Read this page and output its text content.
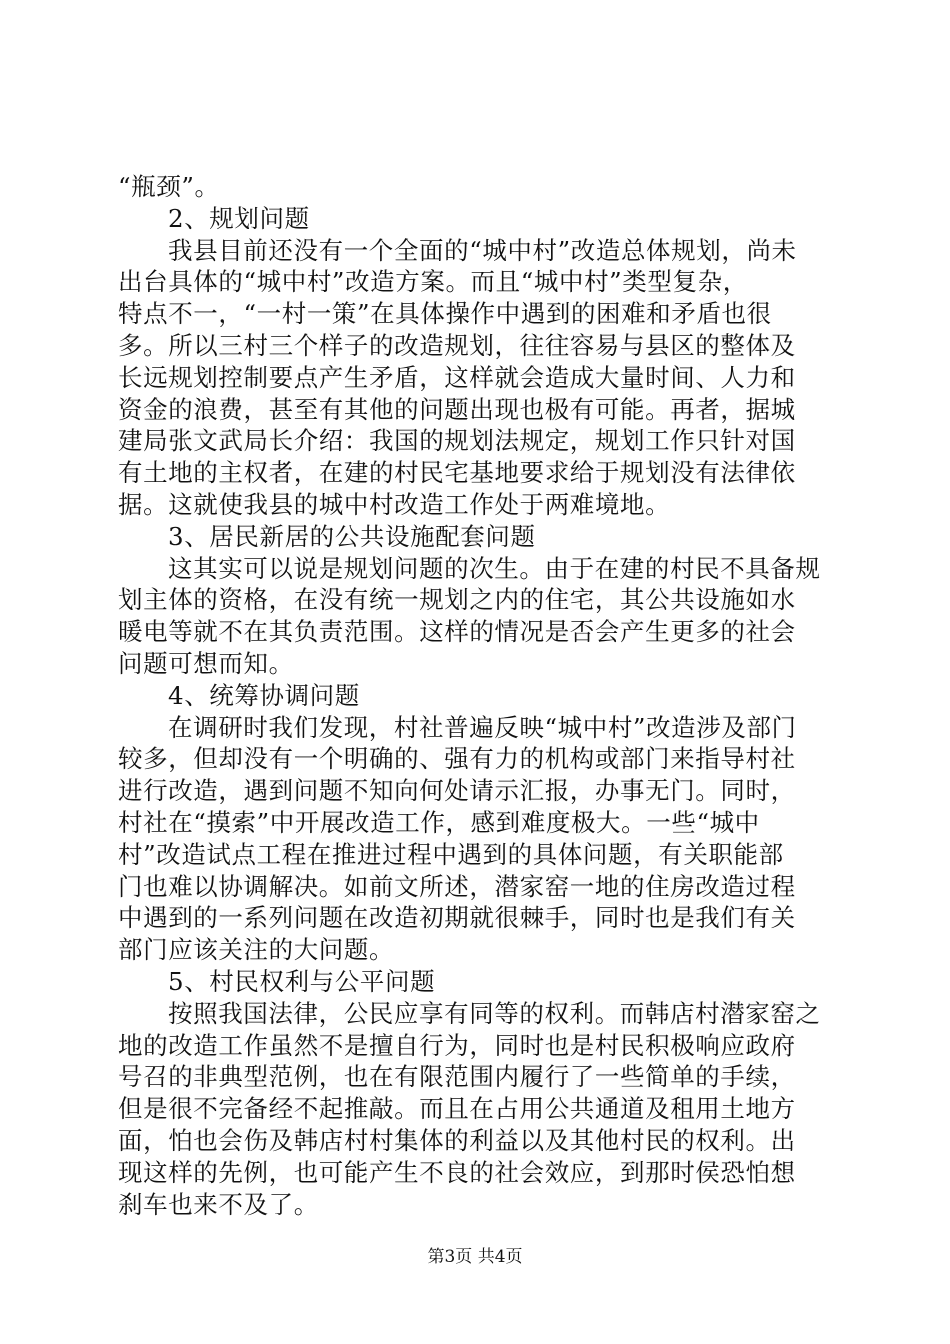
“瓶颈”。
2、规划问题
我县目前还没有一个全面的“城中村”改造总体规划，尚未
出台具体的“城中村”改造方案。而且“城中村”类型复杂，
特点不一，“一村一策”在具体操作中遇到的困难和矛盾也很
多。所以三村三个样子的改造规划，往往容易与县区的整体及
长远规划控制要点产生矛盾，这样就会造成大量时间、人力和
资金的浪费，甚至有其他的问题出现也极有可能。再者，据城
建局张文武局长介绍：我国的规划法规定，规划工作只针对国
有土地的主权者，在建的村民宅基地要求给于规划没有法律依
据。这就使我县的城中村改造工作处于两难境地。
3、居民新居的公共设施配套问题
这其实可以说是规划问题的次生。由于在建的村民不具备规
划主体的资格，在没有统一规划之内的住宅，其公共设施如水
暖电等就不在其负责范围。这样的情况是否会产生更多的社会
问题可想而知。
4、统筹协调问题
在调研时我们发现，村社普遍反映“城中村”改造涉及部门
较多，但却没有一个明确的、强有力的机构或部门来指导村社
进行改造，遇到问题不知向何处请示汇报，办事无门。同时，
村社在“摸索”中开展改造工作，感到难度极大。一些“城中
村”改造试点工程在推进过程中遇到的具体问题，有关职能部
门也难以协调解决。如前文所述，潜家窑一地的住房改造过程
中遇到的一系列问题在改造初期就很棘手，同时也是我们有关
部门应该关注的大问题。
5、村民权利与公平问题
按照我国法律，公民应享有同等的权利。而韩店村潜家窑之
地的改造工作虽然不是擅自行为，同时也是村民积极响应政府
号召的非典型范例，也在有限范围内履行了一些简单的手续，
但是很不完备经不起推敲。而且在占用公共通道及租用土地方
面，怕也会伤及韩店村村集体的利益以及其他村民的权利。出
现这样的先例，也可能产生不良的社会效应，到那时侯恐怕想
刹车也来不及了。
第3页 共4页
